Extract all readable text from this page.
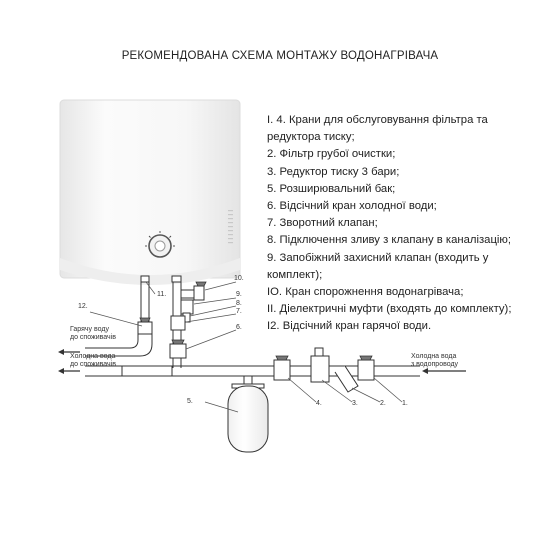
РЕКОМЕНДОВАНА СХЕМА МОНТАЖУ ВОДОНАГРІВАЧА
I. 4. Крани для обслуговування фільтра та
редуктора тиску;
2. Фільтр грубої очистки;
3. Редуктор тиску 3 бари;
5. Розширювальний бак;
6. Відсічний кран холодної води;
7. Зворотний клапан;
8. Підключення зливу з клапану в каналізацію;
9. Запобіжний захисний клапан (входить у
комплект);
IO. Кран спорожнення водонагрівача;
II. Діелектричні муфти (входять до комплекту);
I2. Відсічний кран гарячої води.
12.
11.
10.
9.
8.
7.
6.
5.	4.	3.	2. 1.
Гарячу воду
до споживачів
Холодна вода
до споживачів
Холодна вода
з водопроводу
